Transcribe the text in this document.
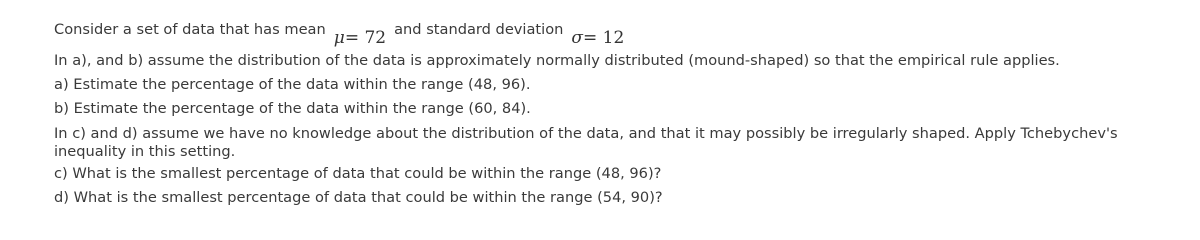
Consider a set of data that has mean μ= 72 and standard deviation σ= 12
In a), and b) assume the distribution of the data is approximately normally distributed (mound-shaped) so that the empirical rule applies.
a) Estimate the percentage of the data within the range (48, 96).
b) Estimate the percentage of the data within the range (60, 84).
In c) and d) assume we have no knowledge about the distribution of the data, and that it may possibly be irregularly shaped. Apply Tchebychev's inequality in this setting.
c) What is the smallest percentage of data that could be within the range (48, 96)?
d) What is the smallest percentage of data that could be within the range (54, 90)?
